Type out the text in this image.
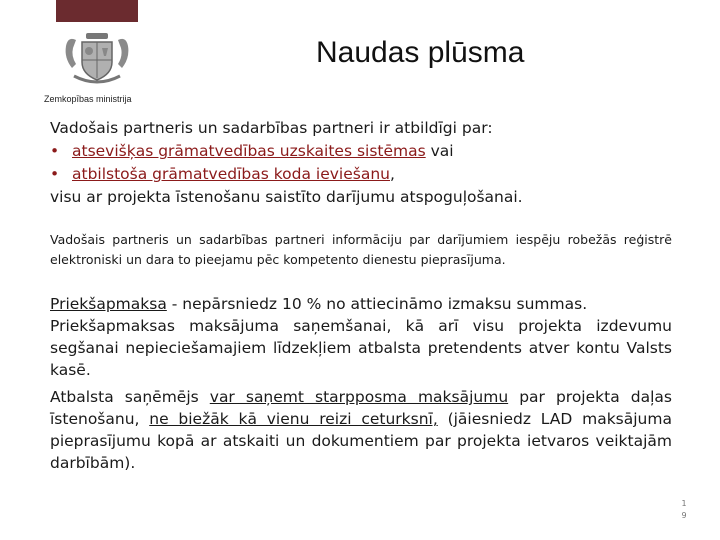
Zemkopības ministrija
Naudas plūsma
Vadošais partneris un sadarbības partneri ir atbildīgi par:
• atsevišķas grāmatvedības uzskaites sistēmas vai
• atbilstoša grāmatvedības koda ieviešanu,
visu ar projekta īstenošanu saistīto darījumu atspoguļošanai.
Vadošais partneris un sadarbības partneri informāciju par darījumiem iespēju robežās reģistrē elektroniski un dara to pieejamu pēc kompetento dienestu pieprasījuma.
Priekšapmaksa - nepārsniedz 10 % no attiecināmo izmaksu summas.
Priekšapmaksas maksājuma saņemšanai, kā arī visu projekta izdevumu segšanai nepieciešamajiem līdzekļiem atbalsta pretendents atver kontu Valsts kasē.
Atbalsta saņēmējs var saņemt starpposma maksājumu par projekta daļas īstenošanu, ne biežāk kā vienu reizi ceturksnī, (jāiesniedz LAD maksājuma pieprasījumu kopā ar atskaiti un dokumentiem par projekta ietvaros veiktajām darbībām).
1
9
